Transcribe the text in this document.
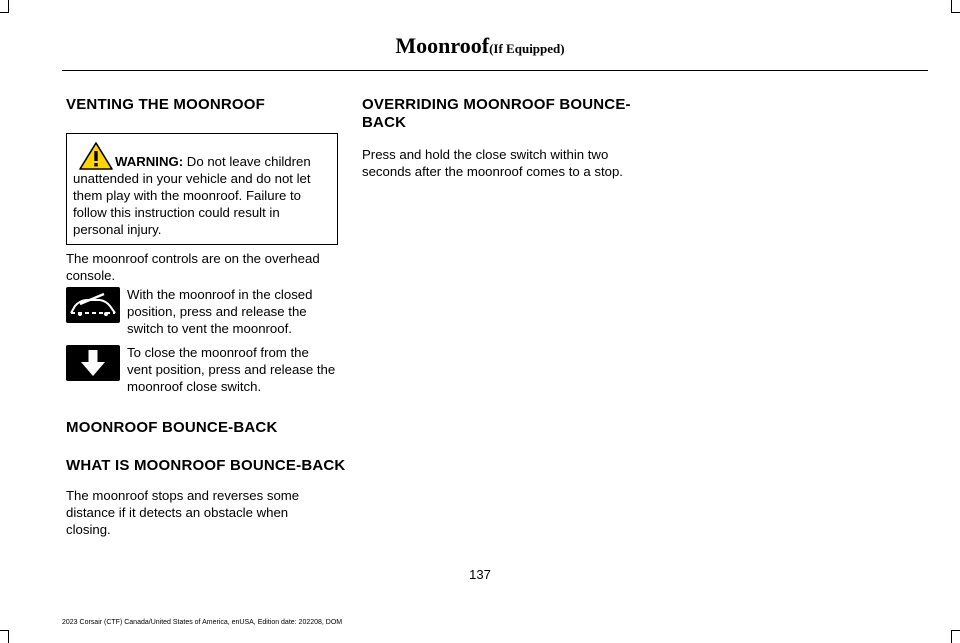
Moonroof(If Equipped)
VENTING THE MOONROOF
WARNING: Do not leave children unattended in your vehicle and do not let them play with the moonroof. Failure to follow this instruction could result in personal injury.

The moonroof controls are on the overhead console.

With the moonroof in the closed position, press and release the switch to vent the moonroof.
To close the moonroof from the vent position, press and release the moonroof close switch.
MOONROOF BOUNCE-BACK
WHAT IS MOONROOF BOUNCE-BACK

The moonroof stops and reverses some distance if it detects an obstacle when closing.

OVERRIDING MOONROOF BOUNCE-BACK

Press and hold the close switch within two seconds after the moonroof comes to a stop.

137
2023 Corsair (CTF) Canada/United States of America, enUSA, Edition date: 202208, DOM
